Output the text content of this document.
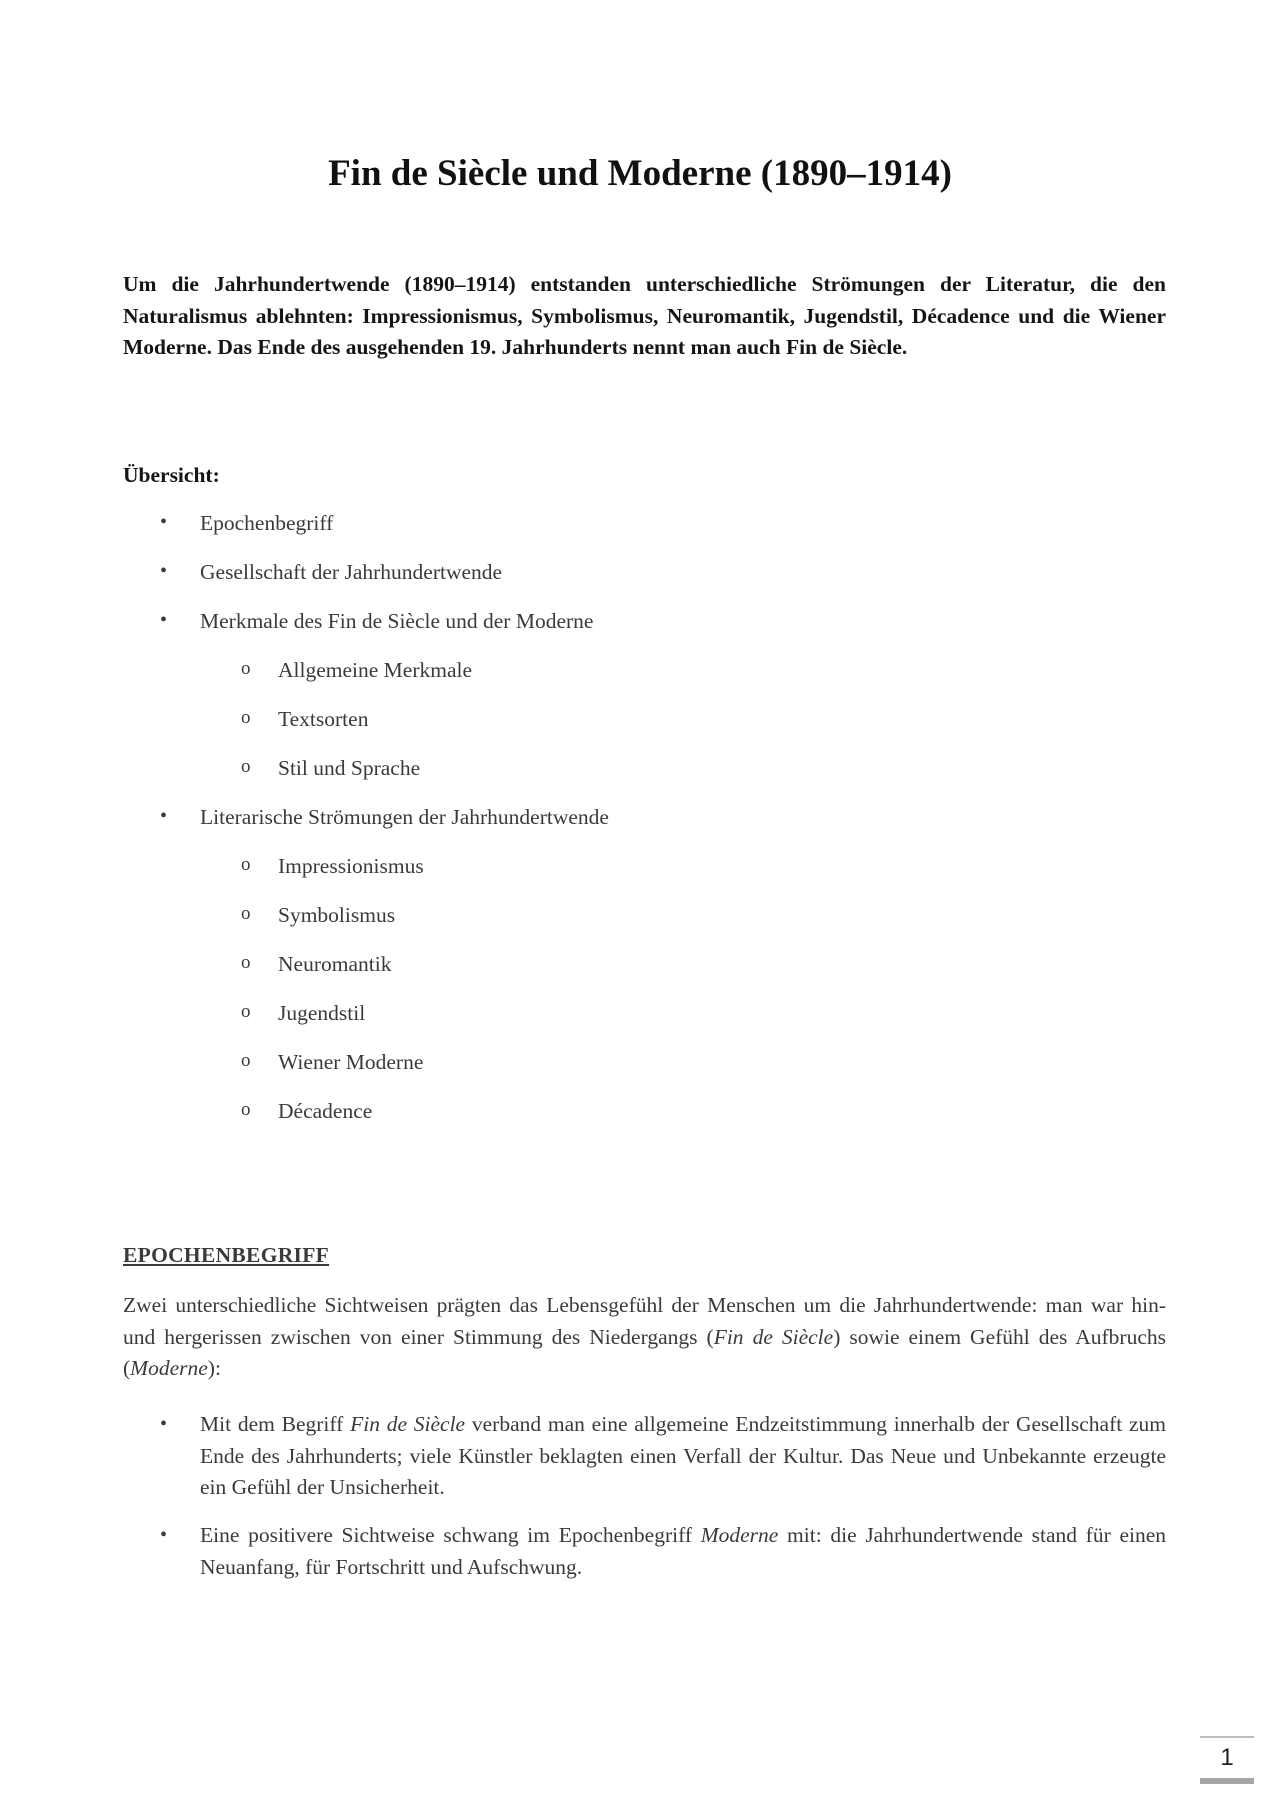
Fin de Siècle und Moderne (1890–1914)

Um die Jahrhundertwende (1890–1914) entstanden unterschiedliche Strömungen der Literatur, die den Naturalismus ablehnten: Impressionismus, Symbolismus, Neuromantik, Jugendstil, Décadence und die Wiener Moderne. Das Ende des ausgehenden 19. Jahrhunderts nennt man auch Fin de Siècle.

Übersicht:
• Epochenbegriff
• Gesellschaft der Jahrhundertwende
• Merkmale des Fin de Siècle und der Moderne
o Allgemeine Merkmale
o Textsorten
o Stil und Sprache
• Literarische Strömungen der Jahrhundertwende
o Impressionismus
o Symbolismus
o Neuromantik
o Jugendstil
o Wiener Moderne
o Décadence
EPOCHENBEGRIFF

Zwei unterschiedliche Sichtweisen prägten das Lebensgefühl der Menschen um die Jahrhundertwende: man war hin- und hergerissen zwischen von einer Stimmung des Niedergangs (Fin de Siècle) sowie einem Gefühl des Aufbruchs (Moderne):

• Mit dem Begriff Fin de Siècle verband man eine allgemeine Endzeitstimmung innerhalb der Gesellschaft zum Ende des Jahrhunderts; viele Künstler beklagten einen Verfall der Kultur. Das Neue und Unbekannte erzeugte ein Gefühl der Unsicherheit.
• Eine positivere Sichtweise schwang im Epochenbegriff Moderne mit: die Jahrhundertwende stand für einen Neuanfang, für Fortschritt und Aufschwung.
1
